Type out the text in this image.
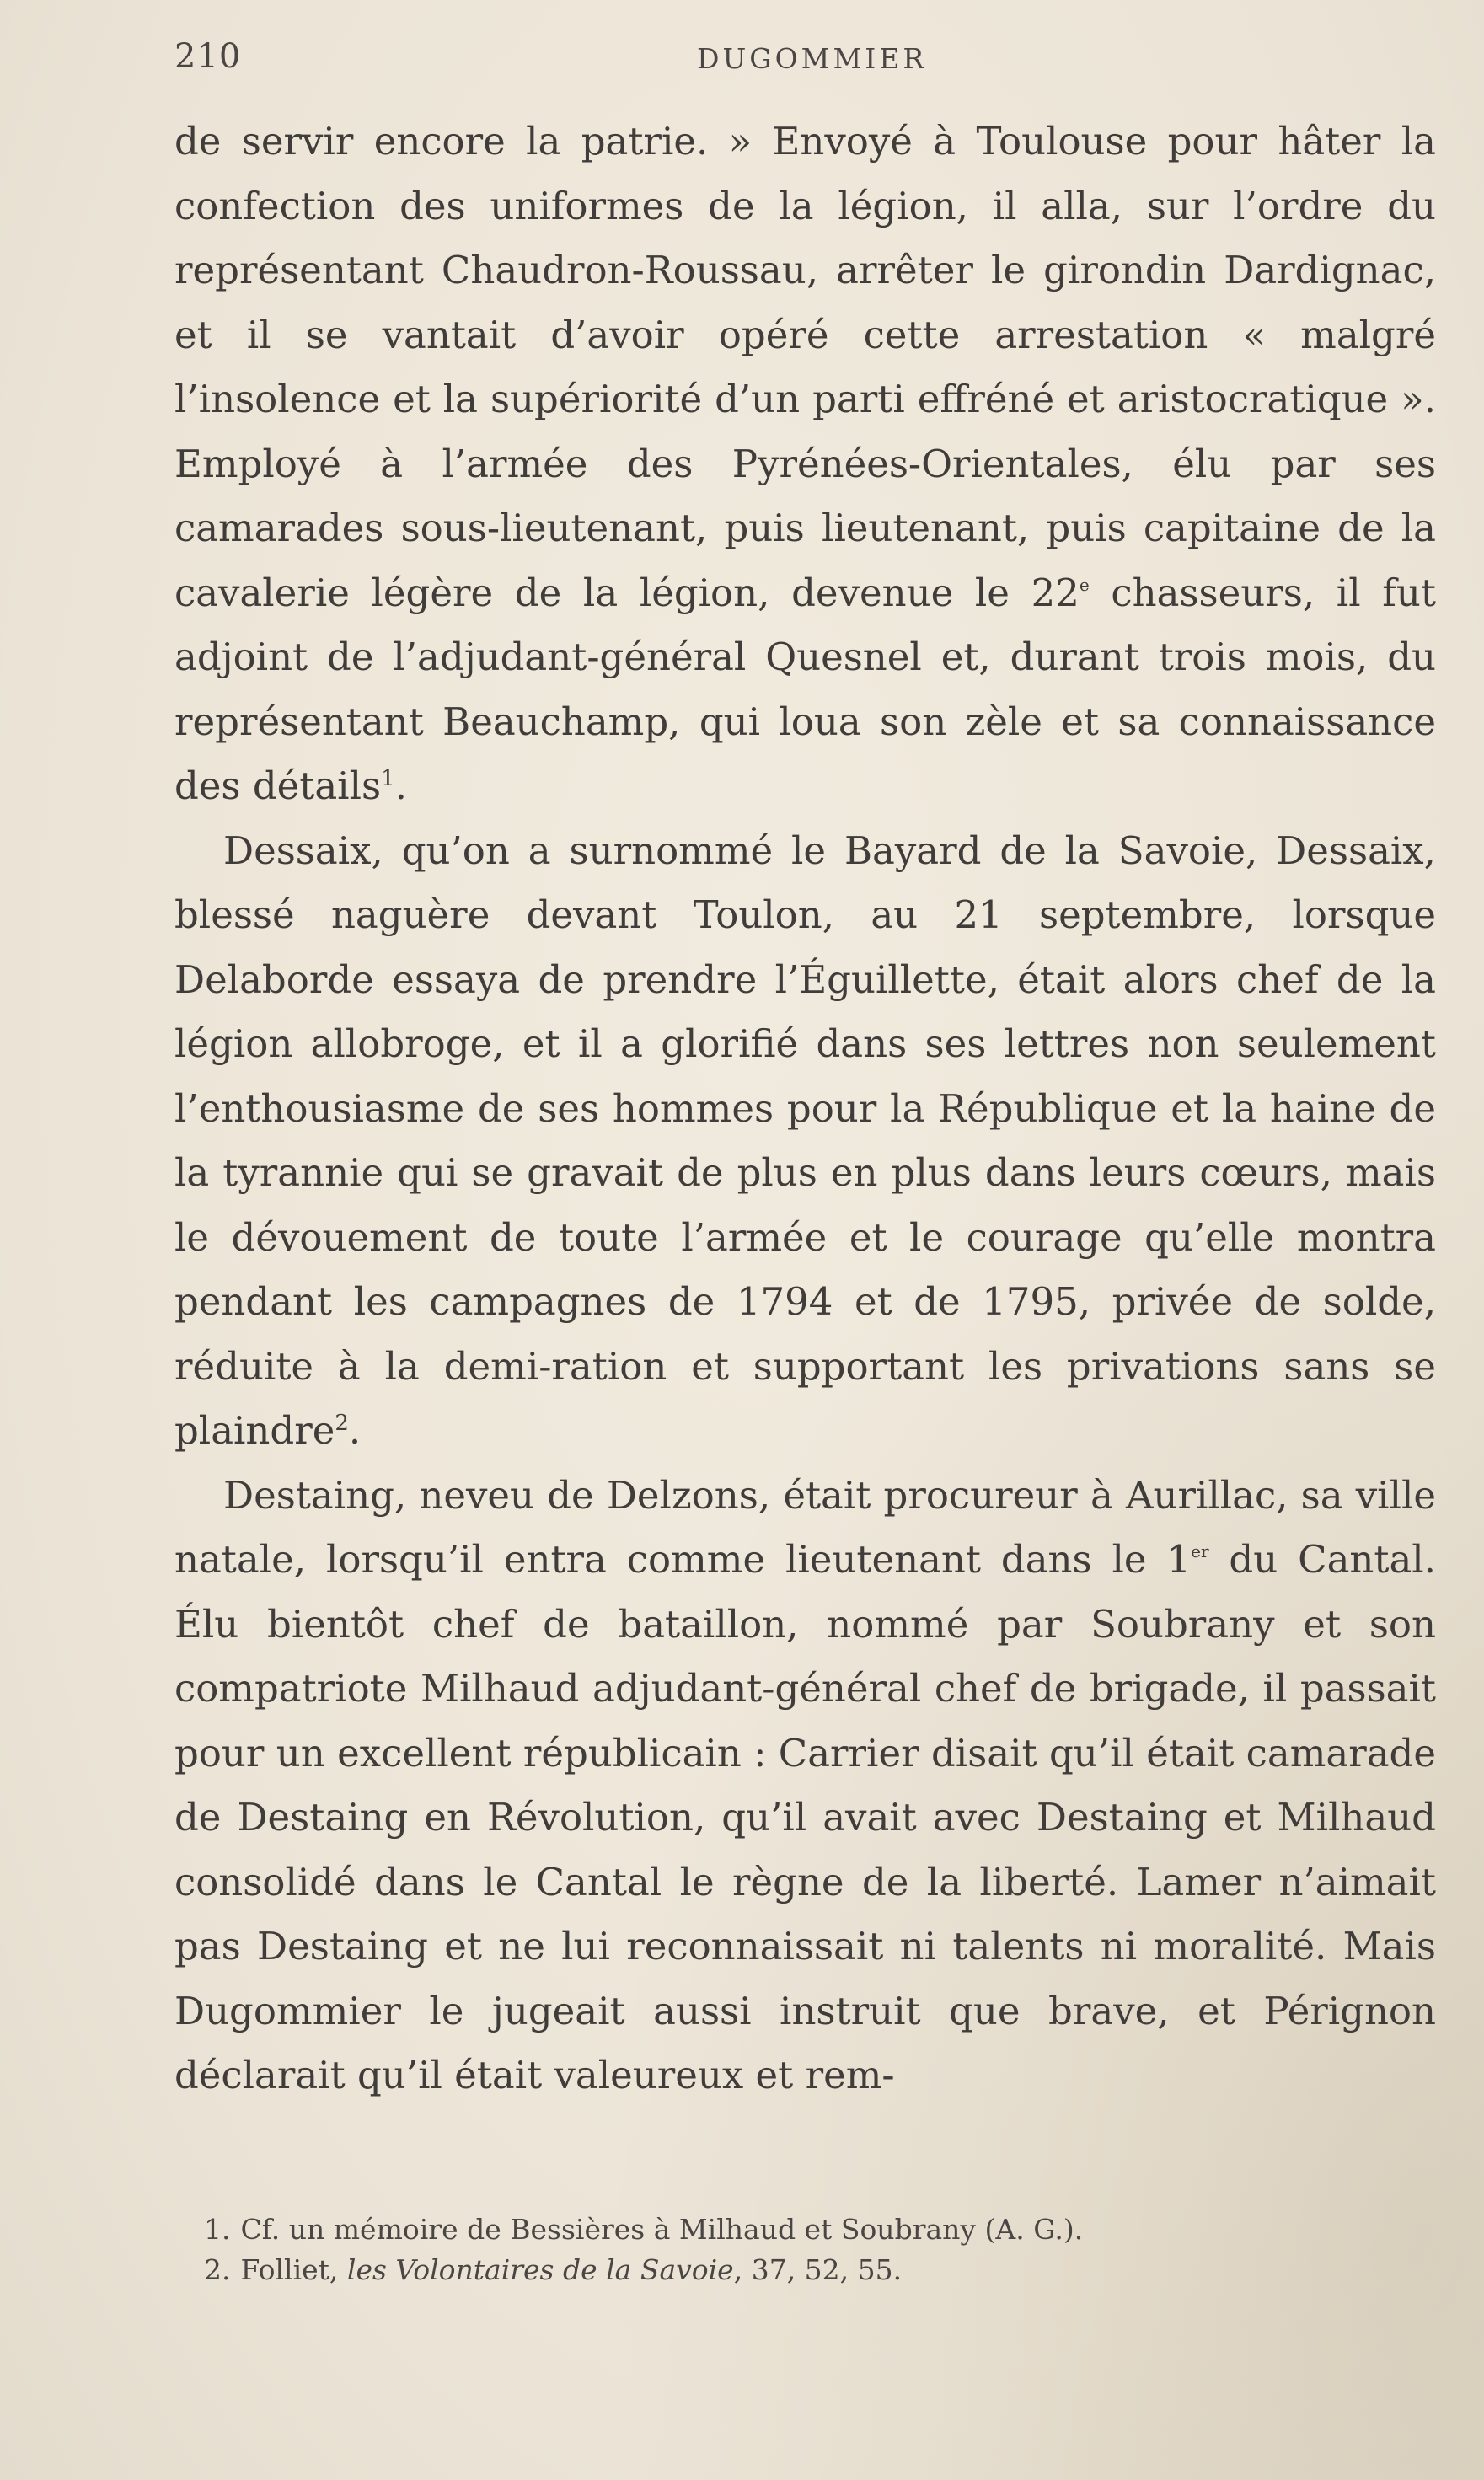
210	DUGOMMIER

de servir encore la patrie. » Envoyé à Toulouse pour hâter la confection des uniformes de la légion, il alla, sur l’ordre du représentant Chaudron-Roussau, arrêter le girondin Dardignac, et il se vantait d’avoir opéré cette arrestation « malgré l’insolence et la supériorité d’un parti effréné et aristocratique ». Employé à l’armée des Pyrénées-Orientales, élu par ses camarades sous-lieutenant, puis lieutenant, puis capitaine de la cavalerie légère de la légion, devenue le 22e chasseurs, il fut adjoint de l’adjudant-général Quesnel et, durant trois mois, du représentant Beauchamp, qui loua son zèle et sa connaissance des détails$^1$.

Dessaix, qu’on a surnommé le Bayard de la Savoie, Dessaix, blessé naguère devant Toulon, au 21 septembre, lorsque Delaborde essaya de prendre l’Éguillette, était alors chef de la légion allobroge, et il a glorifié dans ses lettres non seulement l’enthousiasme de ses hommes pour la République et la haine de la tyrannie qui se gravait de plus en plus dans leurs cœurs, mais le dévouement de toute l’armée et le courage qu’elle montra pendant les campagnes de 1794 et de 1795, privée de solde, réduite à la demi-ration et supportant les privations sans se plaindre$^2$.

Destaing, neveu de Delzons, était procureur à Aurillac, sa ville natale, lorsqu’il entra comme lieutenant dans le 1er du Cantal. Élu bientôt chef de bataillon, nommé par Soubrany et son compatriote Milhaud adjudant-général chef de brigade, il passait pour un excellent républicain : Carrier disait qu’il était camarade de Destaing en Révolution, qu’il avait avec Destaing et Milhaud consolidé dans le Cantal le règne de la liberté. Lamer n’aimait pas Destaing et ne lui reconnaissait ni talents ni moralité. Mais Dugommier le jugeait aussi instruit que brave, et Pérignon déclarait qu’il était valeureux et rem-

1. Cf. un mémoire de Bessières à Milhaud et Soubrany (A. G.).

2. Folliet, les Volontaires de la Savoie, 37, 52, 55.
